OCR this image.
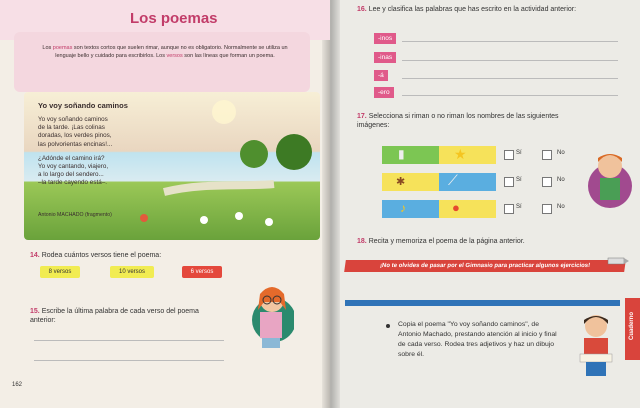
Los poemas
Los poemas son textos cortos que suelen rimar, aunque no es obligatorio. Normalmente se utiliza un lenguaje bello y cuidado para escribirlos. Los versos son las líneas que forman un poema.
Yo voy soñando caminos
Yo voy soñando caminos
de la tarde. ¡Las colinas
doradas, los verdes pinos,
las polvorientas encinas!...
¿Adónde el camino irá?
Yo voy cantando, viajero,
a lo largo del sendero...
–la tarde cayendo está–.
Antonio MACHADO (fragmento)
14. Rodea cuántos versos tiene el poema:
8 versos	10 versos	6 versos
15. Escribe la última palabra de cada verso del poema anterior:
162
16. Lee y clasifica las palabras que has escrito en la actividad anterior:
-inos
-inas
-á
-ero
17. Selecciona si riman o no riman los nombres de las siguientes imágenes:
▮	★	Sí	No
✱	⟋	Sí	No
♪	●	Sí	No
18. Recita y memoriza el poema de la página anterior.
¡No te olvides de pasar por el Gimnasio para practicar algunos ejercicios!
Cuaderno
Copia el poema "Yo voy soñando caminos", de Antonio Machado, prestando atención al inicio y final de cada verso. Rodea tres adjetivos y haz un dibujo sobre él.
